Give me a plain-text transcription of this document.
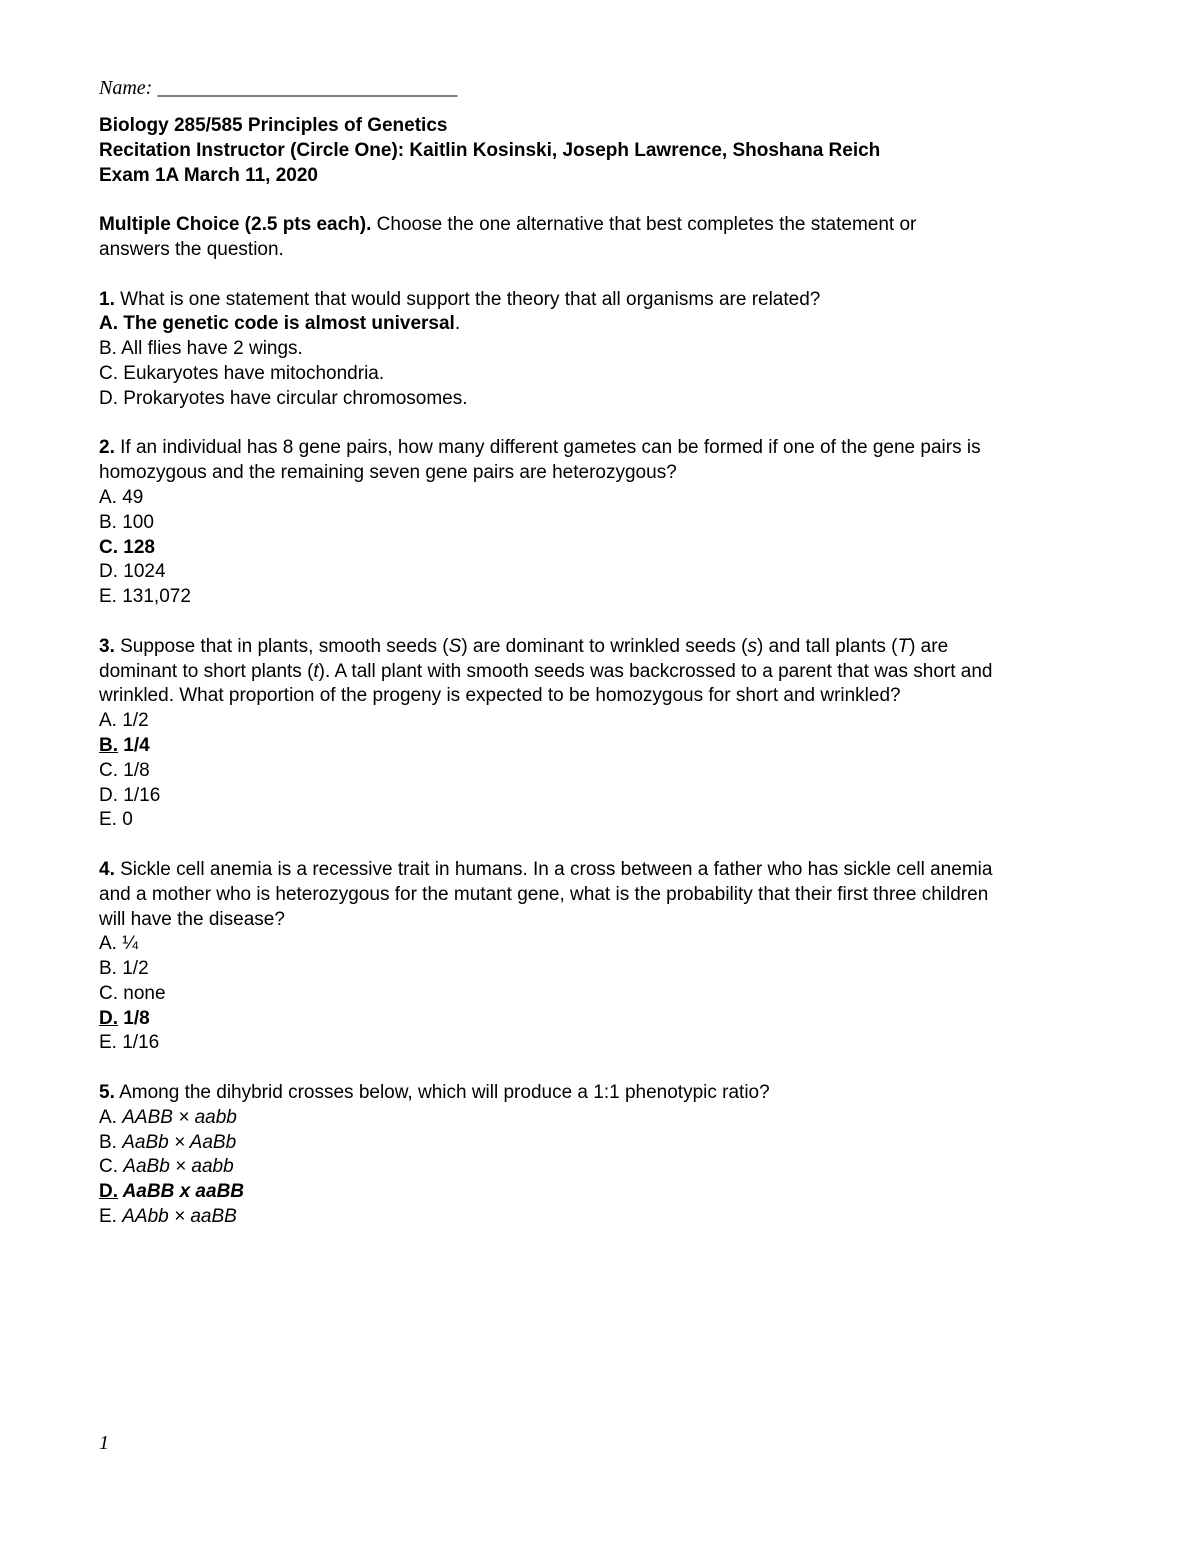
Name: ______________________________
Biology 285/585 Principles of Genetics
Recitation Instructor (Circle One): Kaitlin Kosinski, Joseph Lawrence, Shoshana Reich
Exam 1A March 11, 2020
Multiple Choice (2.5 pts each). Choose the one alternative that best completes the statement or
answers the question.
1. What is one statement that would support the theory that all organisms are related?
A. The genetic code is almost universal.
B. All flies have 2 wings.
C. Eukaryotes have mitochondria.
D. Prokaryotes have circular chromosomes.
2. If an individual has 8 gene pairs, how many different gametes can be formed if one of the gene pairs is
homozygous and the remaining seven gene pairs are heterozygous?
A. 49
B. 100
C. 128
D. 1024
E. 131,072
3. Suppose that in plants, smooth seeds (S) are dominant to wrinkled seeds (s) and tall plants (T) are
dominant to short plants (t). A tall plant with smooth seeds was backcrossed to a parent that was short and
wrinkled. What proportion of the progeny is expected to be homozygous for short and wrinkled?
A. 1/2
B. 1/4
C. 1/8
D. 1/16
E. 0
4. Sickle cell anemia is a recessive trait in humans. In a cross between a father who has sickle cell anemia
and a mother who is heterozygous for the mutant gene, what is the probability that their first three children
will have the disease?
A. ¼
B. 1/2
C. none
D. 1/8
E. 1/16
5. Among the dihybrid crosses below, which will produce a 1:1 phenotypic ratio?
A. AABB × aabb
B. AaBb × AaBb
C. AaBb × aabb
D. AaBB x aaBB
E. AAbb × aaBB
1
